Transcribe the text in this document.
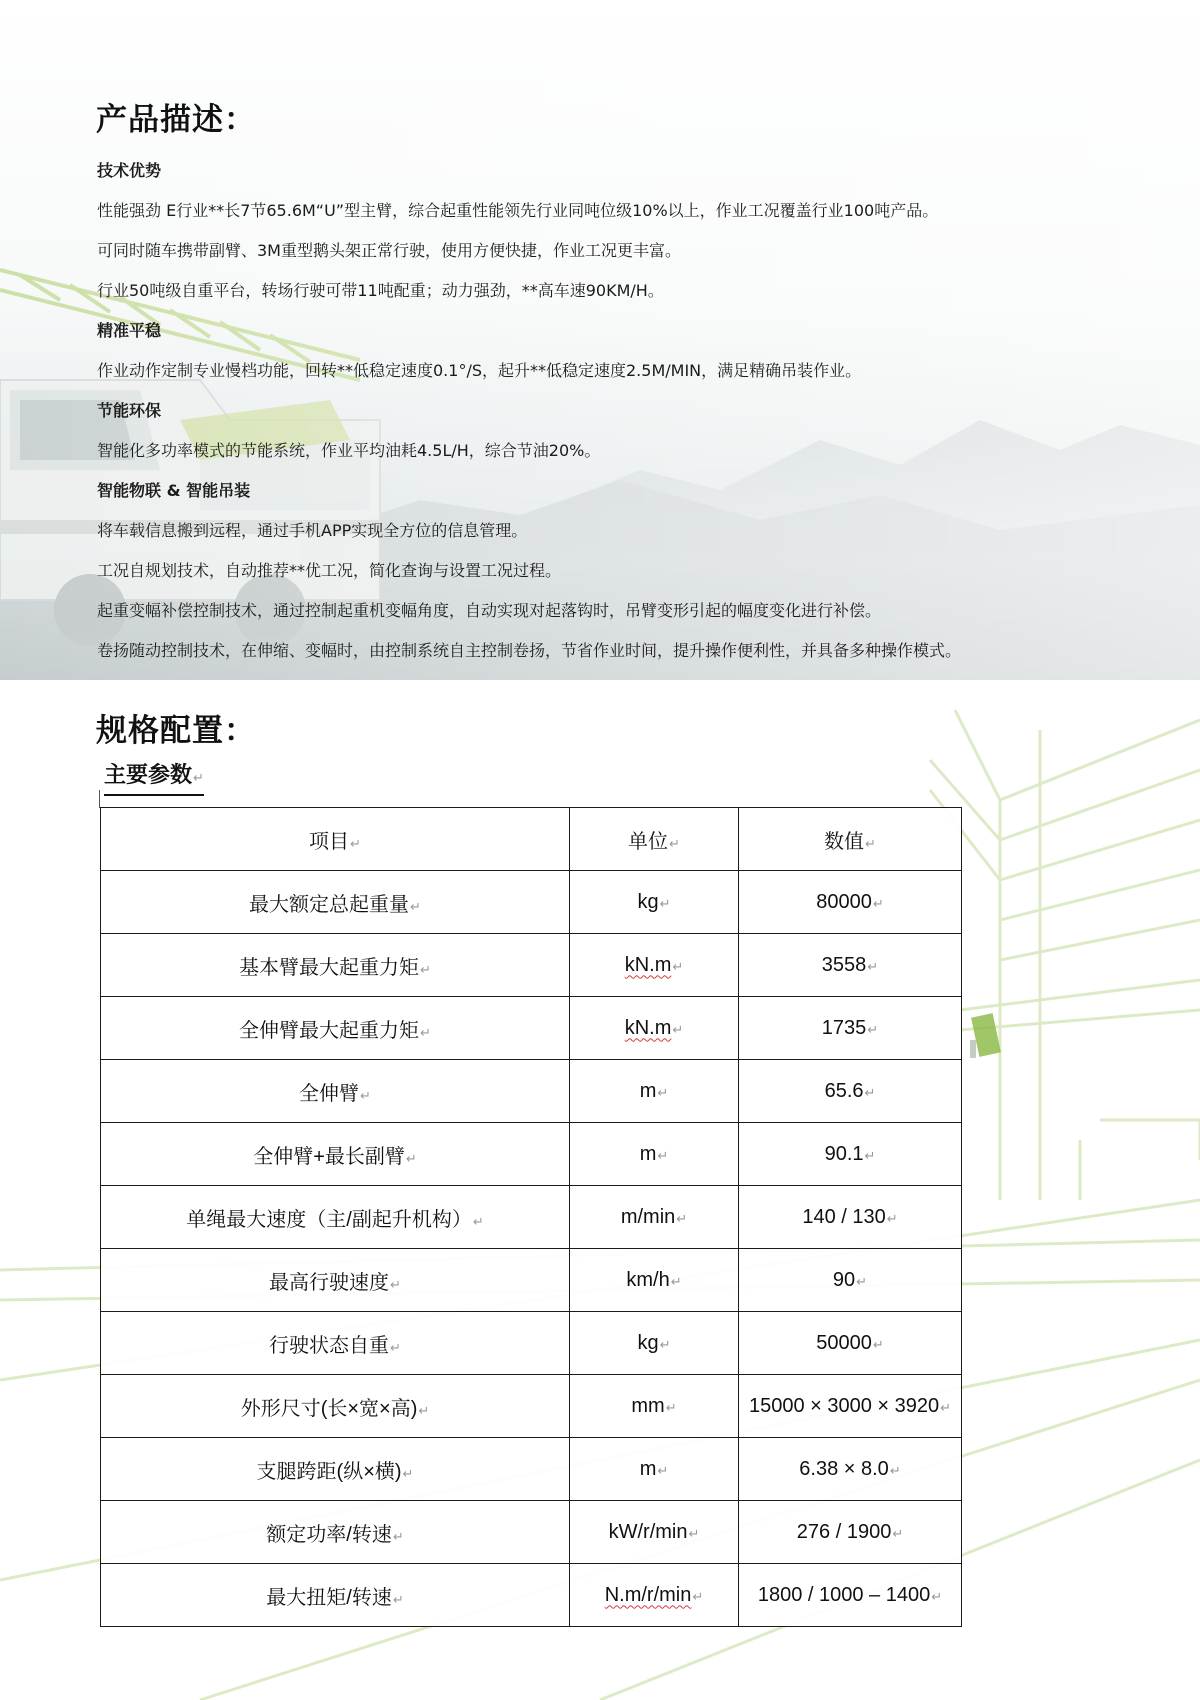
产品描述：
技术优势
性能强劲 E行业**长7节65.6M“U”型主臂，综合起重性能领先行业同吨位级10%以上，作业工况覆盖行业100吨产品。
可同时随车携带副臂、3M重型鹅头架正常行驶，使用方便快捷，作业工况更丰富。
行业50吨级自重平台，转场行驶可带11吨配重；动力强劲，**高车速90KM/H。
精准平稳
作业动作定制专业慢档功能，回转**低稳定速度0.1°/S，起升**低稳定速度2.5M/MIN，满足精确吊装作业。
节能环保
智能化多功率模式的节能系统，作业平均油耗4.5L/H，综合节油20%。
智能物联 & 智能吊装
将车载信息搬到远程，通过手机APP实现全方位的信息管理。
工况自规划技术，自动推荐**优工况，简化查询与设置工况过程。
起重变幅补偿控制技术，通过控制起重机变幅角度，自动实现对起落钩时，吊臂变形引起的幅度变化进行补偿。
卷扬随动控制技术，在伸缩、变幅时，由控制系统自主控制卷扬，节省作业时间，提升操作便利性，并具备多种操作模式。
规格配置：
主要参数↵
项目↵	单位↵	数值↵
最大额定总起重量↵	kg↵	80000↵
基本臂最大起重力矩↵	kN.m↵	3558↵
全伸臂最大起重力矩↵	kN.m↵	1735↵
全伸臂↵	m↵	65.6↵
全伸臂+最长副臂↵	m↵	90.1↵
单绳最大速度（主/副起升机构）↵	m/min↵	140 / 130↵
最高行驶速度↵	km/h↵	90↵
行驶状态自重↵	kg↵	50000↵
外形尺寸(长×宽×高)↵	mm↵	15000 × 3000 × 3920↵
支腿跨距(纵×横)↵	m↵	6.38 × 8.0↵
额定功率/转速↵	kW/r/min↵	276 / 1900↵
最大扭矩/转速↵	N.m/r/min↵	1800 / 1000 – 1400↵
